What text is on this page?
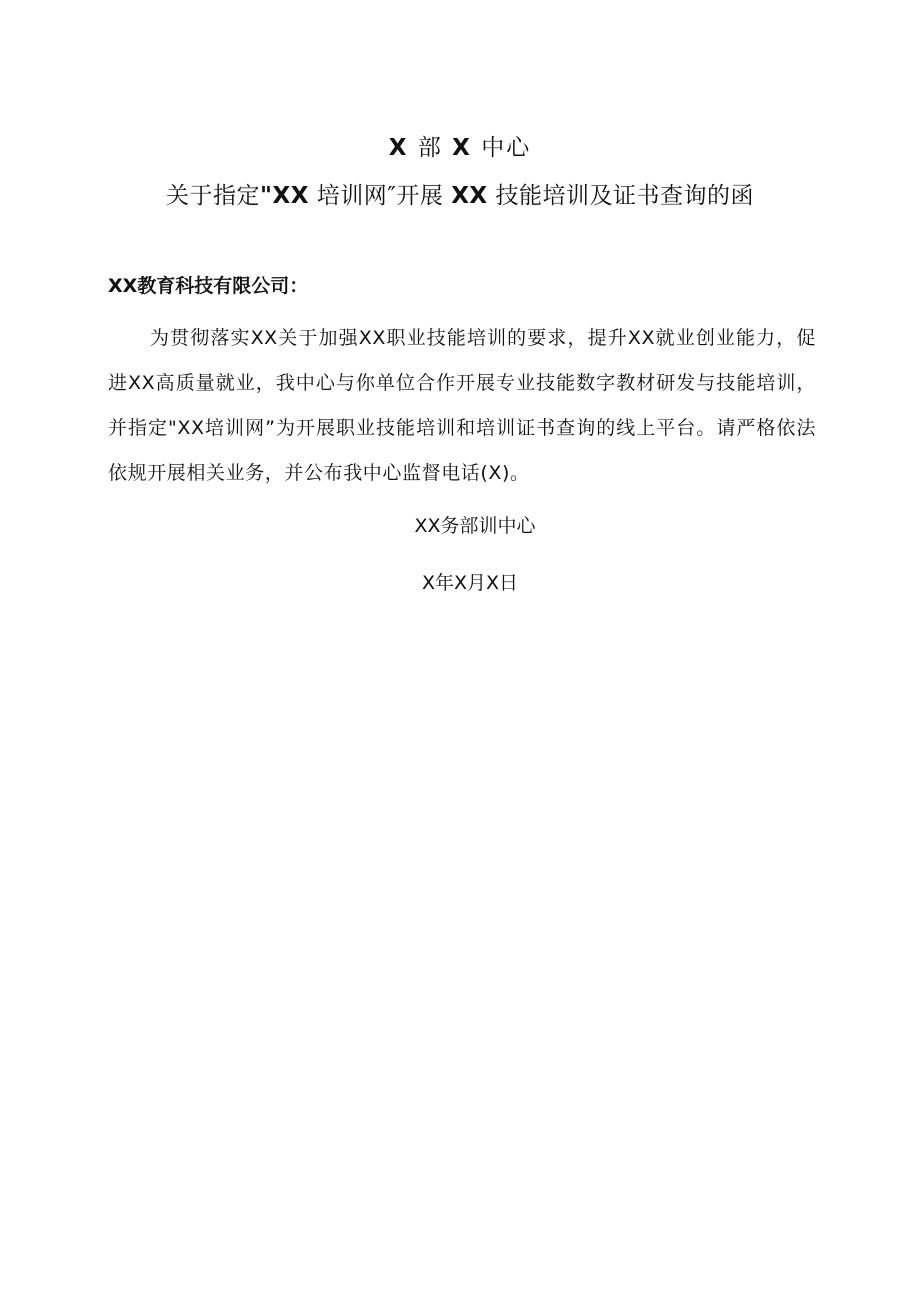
X 部 X 中心
关于指定"XX 培训网″开展 XX 技能培训及证书查询的函
XX教育科技有限公司：
为贯彻落实XX关于加强XX职业技能培训的要求，提升XX就业创业能力，促进XX高质量就业，我中心与你单位合作开展专业技能数字教材研发与技能培训，并指定"XX培训网”为开展职业技能培训和培训证书查询的线上平台。请严格依法依规开展相关业务，并公布我中心监督电话(X)。
XX务部训中心
X年X月X日
